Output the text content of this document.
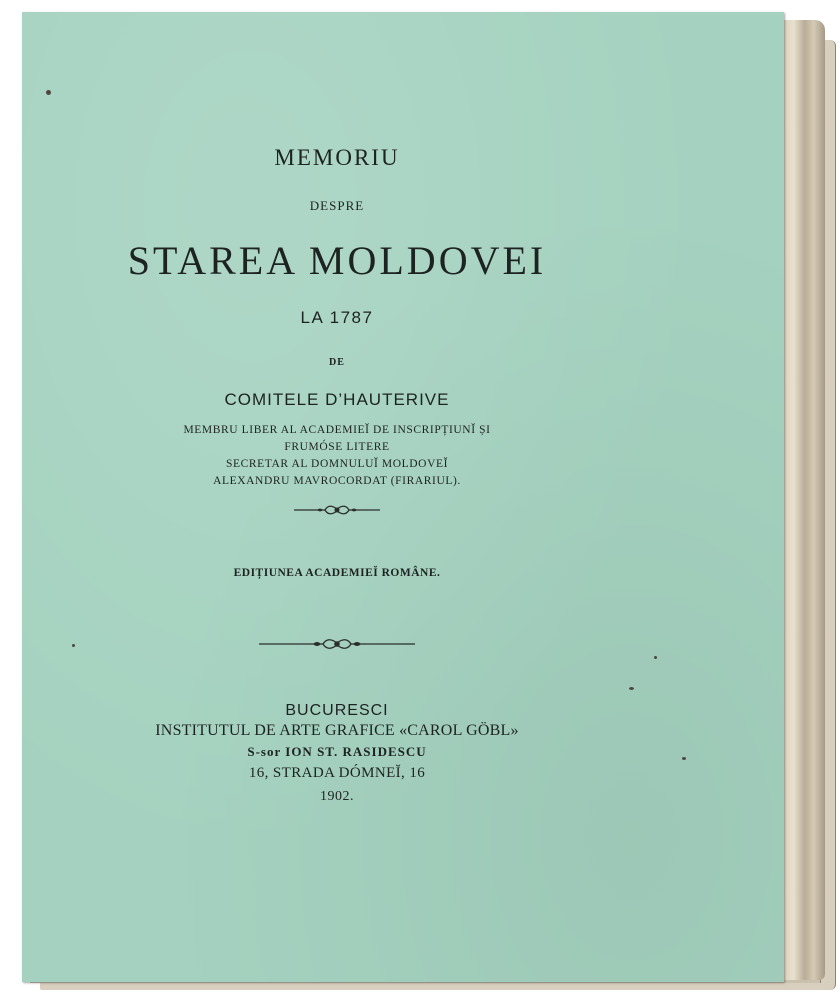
MEMORIU
DESPRE
STAREA MOLDOVEI
LA 1787
DE
COMITELE D’HAUTERIVE
MEMBRU LIBER AL ACADEMIEĬ DE INSCRIPȚIUNĬ ȘI
FRUMÓSE LITERE
SECRETAR AL DOMNULUĬ MOLDOVEĬ
ALEXANDRU MAVROCORDAT (FIRARIUL).
EDIȚIUNEA ACADEMIEĬ ROMÂNE.
BUCURESCI
INSTITUTUL DE ARTE GRAFICE «CAROL GÖBL»
S-sor ION ST. RASIDESCU
16, STRADA DÓMNEĬ, 16
1902.
